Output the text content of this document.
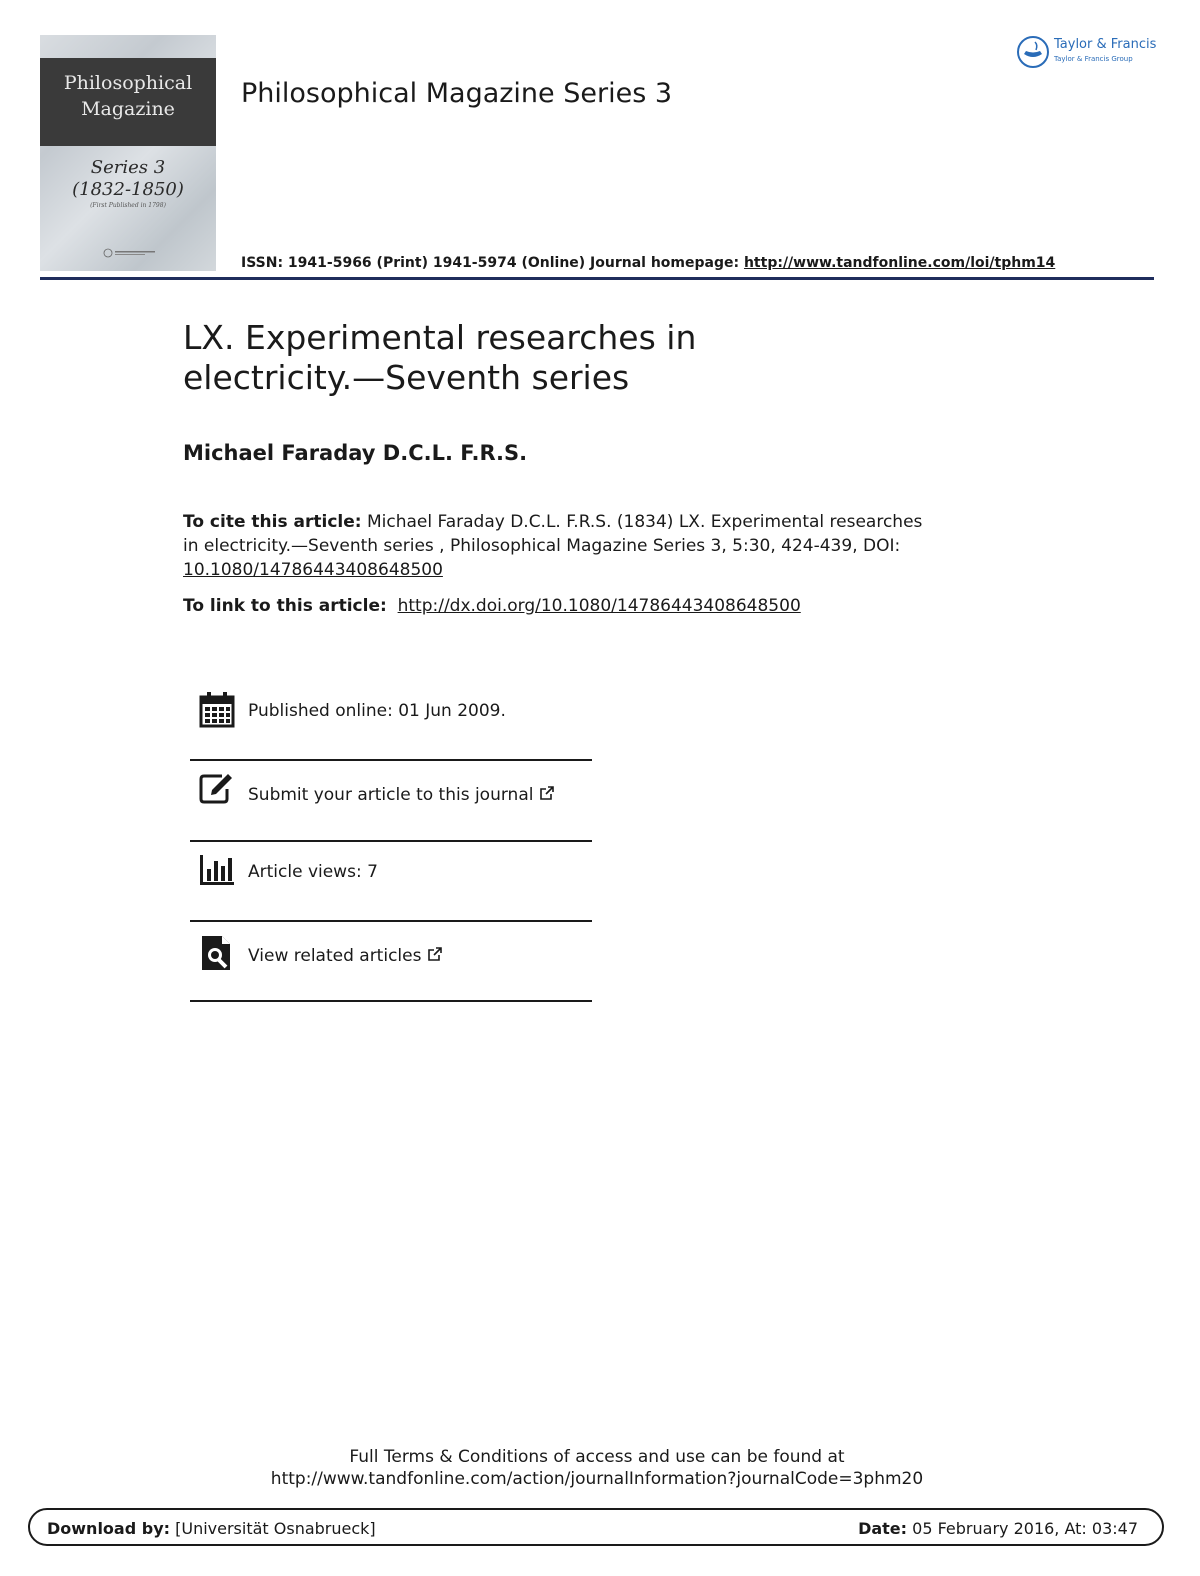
Philosophical
Magazine
Series 3
(1832-1850)
(First Published in 1798)
Philosophical Magazine Series 3
Taylor & Francis
Taylor & Francis Group
ISSN: 1941-5966 (Print) 1941-5974 (Online) Journal homepage: http://www.tandfonline.com/loi/tphm14
LX. Experimental researches in
electricity.—Seventh series
Michael Faraday D.C.L. F.R.S.
To cite this article: Michael Faraday D.C.L. F.R.S. (1834) LX. Experimental researches in electricity.—Seventh series , Philosophical Magazine Series 3, 5:30, 424-439, DOI: 10.1080/14786443408648500
To link to this article: http://dx.doi.org/10.1080/14786443408648500
Published online: 01 Jun 2009.
Submit your article to this journal
Article views: 7
View related articles
Full Terms & Conditions of access and use can be found at
http://www.tandfonline.com/action/journalInformation?journalCode=3phm20
Download by: [Universität Osnabrueck]	Date: 05 February 2016, At: 03:47
